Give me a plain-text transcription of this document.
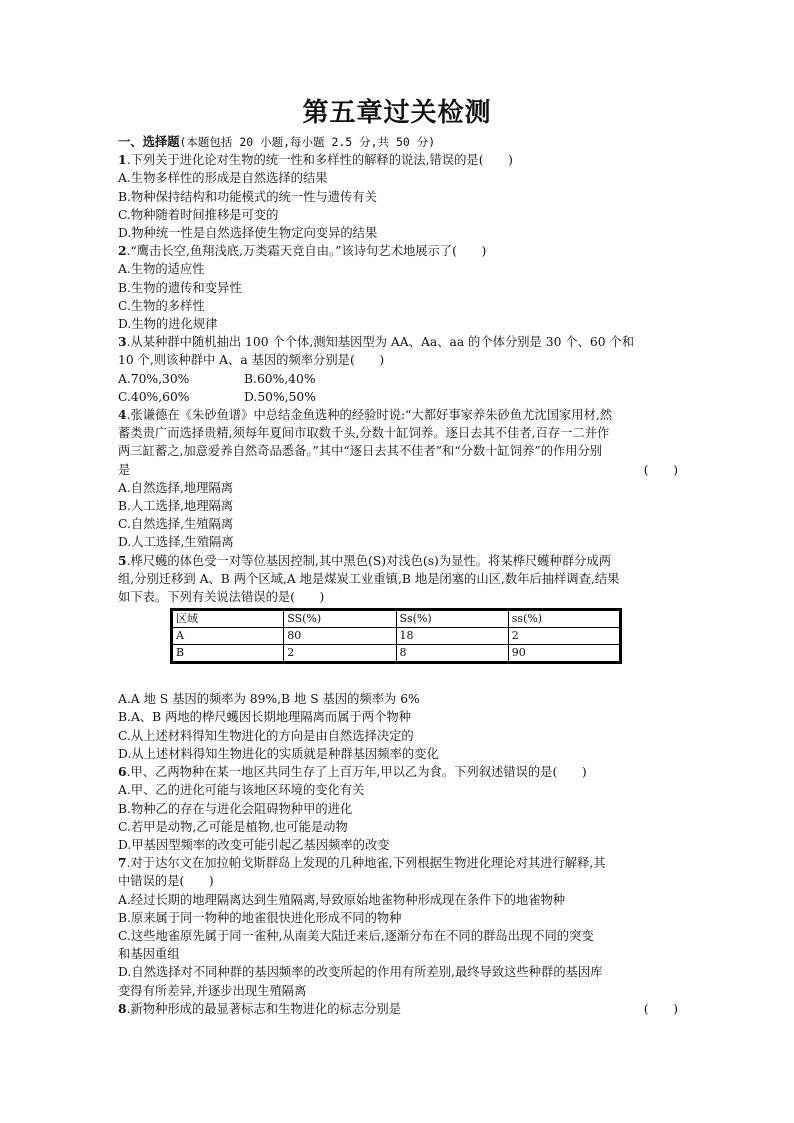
第五章过关检测
一、选择题(本题包括 20 小题,每小题 2.5 分,共 50 分)
1.下列关于进化论对生物的统一性和多样性的解释的说法,错误的是(　　)
A.生物多样性的形成是自然选择的结果
B.物种保持结构和功能模式的统一性与遗传有关
C.物种随着时间推移是可变的
D.物种统一性是自然选择使生物定向变异的结果
2.“鹰击长空,鱼翔浅底,万类霜天竞自由。”该诗句艺术地展示了(　　)
A.生物的适应性
B.生物的遗传和变异性
C.生物的多样性
D.生物的进化规律
3.从某种群中随机抽出 100 个个体,测知基因型为 AA、Aa、aa 的个体分别是 30 个、60 个和
10 个,则该种群中 A、a 基因的频率分别是(　　)
A.70%,30%	B.60%,40%
C.40%,60%	D.50%,50%
4.张谦德在《朱砂鱼谱》中总结金鱼选种的经验时说:“大都好事家养朱砂鱼尤沈国家用材,然
蓄类贵广而选择贵精,须每年夏间市取数千头,分数十缸饲养。逐日去其不佳者,百存一二并作
两三缸蓄之,加意爱养自然奇品悉备。”其中“逐日去其不佳者”和“分数十缸饲养”的作用分别
是	(　　)
A.自然选择,地理隔离
B.人工选择,地理隔离
C.自然选择,生殖隔离
D.人工选择,生殖隔离
5.桦尺蠖的体色受一对等位基因控制,其中黑色(S)对浅色(s)为显性。将某桦尺蠖种群分成两
组,分别迁移到 A、B 两个区域,A 地是煤炭工业重镇,B 地是闭塞的山区,数年后抽样调查,结果
如下表。下列有关说法错误的是(　　)
区域	SS(%)	Ss(%)	ss(%)
A	80	18	2
B	2	8	90
A.A 地 S 基因的频率为 89%,B 地 S 基因的频率为 6%
B.A、B 两地的桦尺蠖因长期地理隔离而属于两个物种
C.从上述材料得知生物进化的方向是由自然选择决定的
D.从上述材料得知生物进化的实质就是种群基因频率的变化
6.甲、乙两物种在某一地区共同生存了上百万年,甲以乙为食。下列叙述错误的是(　　)
A.甲、乙的进化可能与该地区环境的变化有关
B.物种乙的存在与进化会阻碍物种甲的进化
C.若甲是动物,乙可能是植物,也可能是动物
D.甲基因型频率的改变可能引起乙基因频率的改变
7.对于达尔文在加拉帕戈斯群岛上发现的几种地雀,下列根据生物进化理论对其进行解释,其
中错误的是(　　)
A.经过长期的地理隔离达到生殖隔离,导致原始地雀物种形成现在条件下的地雀物种
B.原来属于同一物种的地雀很快进化形成不同的物种
C.这些地雀原先属于同一雀种,从南美大陆迁来后,逐渐分布在不同的群岛出现不同的突变
和基因重组
D.自然选择对不同种群的基因频率的改变所起的作用有所差别,最终导致这些种群的基因库
变得有所差异,并逐步出现生殖隔离
8.新物种形成的最显著标志和生物进化的标志分别是	(　　)
